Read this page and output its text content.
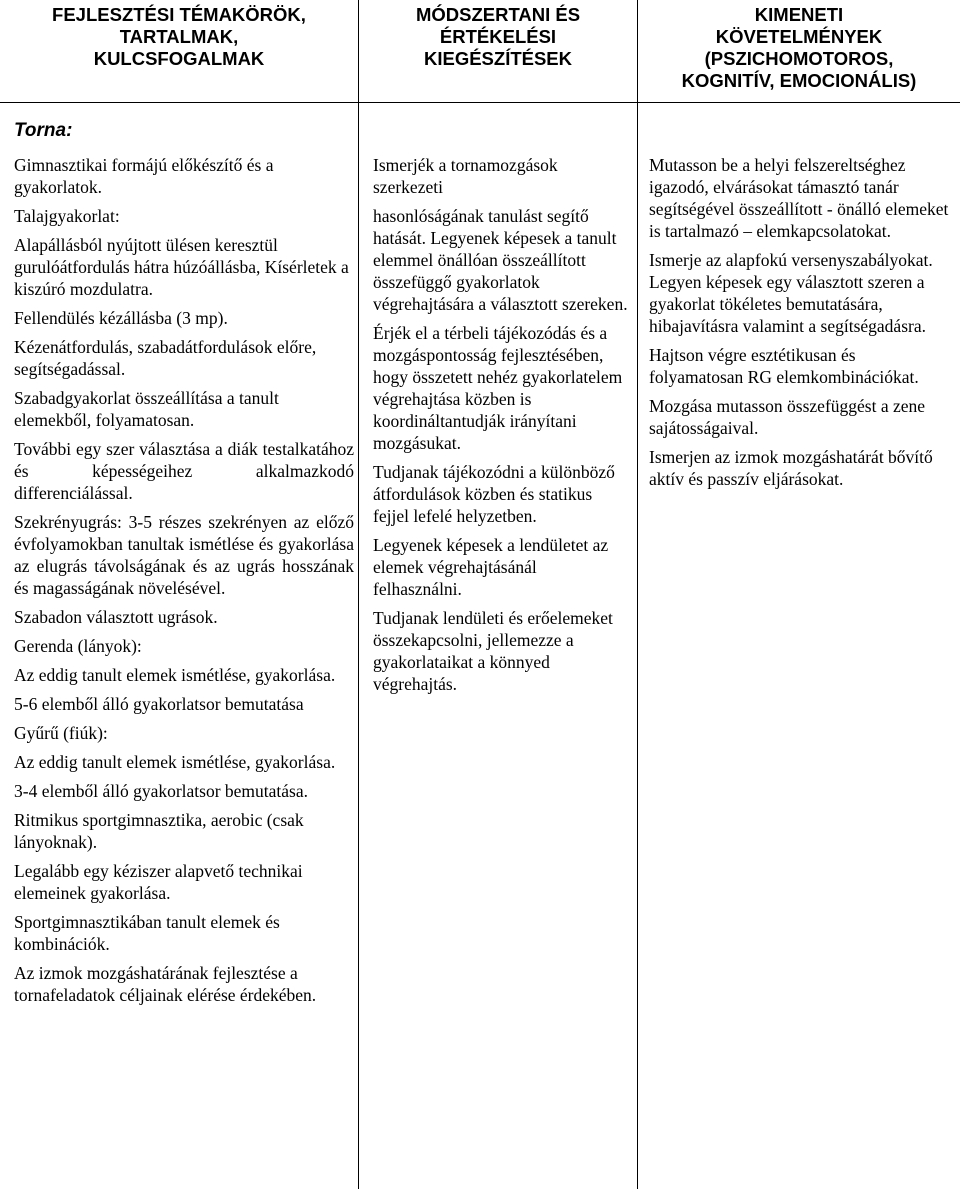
FEJLESZTÉSI TÉMAKÖRÖK,
TARTALMAK,
KULCSFOGALMAK
MÓDSZERTANI ÉS
ÉRTÉKELÉSI
KIEGÉSZÍTÉSEK
KIMENETI
KÖVETELMÉNYEK
(PSZICHOMOTOROS,
KOGNITÍV, EMOCIONÁLIS)
Torna:

Gimnasztikai formájú előkészítő és a gyakorlatok.

Talajgyakorlat:

Alapállásból nyújtott ülésen keresztül gurulóátfordulás hátra húzóállásba, Kísérletek a kiszúró mozdulatra.

Fellendülés kézállásba (3 mp).

Kézenátfordulás, szabadátfordulások előre, segítségadással.

Szabadgyakorlat összeállítása a tanult elemekből, folyamatosan.

További egy szer választása a diák testalkatához és képességeihez alkalmazkodó differenciálással.

Szekrényugrás: 3-5 részes szekrényen az előző évfolyamokban tanultak ismétlése és gyakorlása az elugrás távolságának és az ugrás hosszának és magasságának növelésével.

Szabadon választott ugrások.

Gerenda (lányok):

Az eddig tanult elemek ismétlése, gyakorlása.

5-6 elemből álló gyakorlatsor bemutatása

Gyűrű (fiúk):

Az eddig tanult elemek ismétlése, gyakorlása.

3-4 elemből álló gyakorlatsor bemutatása.

Ritmikus sportgimnasztika, aerobic (csak lányoknak).

Legalább egy kéziszer alapvető technikai elemeinek gyakorlása.

Sportgimnasztikában tanult elemek és kombinációk.

Az izmok mozgáshatárának fejlesztése a tornafeladatok céljainak elérése érdekében.

Ismerjék a tornamozgások szerkezeti

hasonlóságának tanulást segítő hatását. Legyenek képesek a tanult elemmel önállóan összeállított összefüggő gyakorlatok végrehajtására a választott szereken.

Érjék el a térbeli tájékozódás és a mozgáspontosság fejlesztésében, hogy összetett nehéz gyakorlatelem végrehajtása közben is koordináltantudják irányítani mozgásukat.

Tudjanak tájékozódni a különböző átfordulások közben és statikus fejjel lefelé helyzetben.

Legyenek képesek a lendületet az elemek végrehajtásánál felhasználni.

Tudjanak lendületi és erőelemeket összekapcsolni, jellemezze a gyakorlataikat a könnyed végrehajtás.

Mutasson be a helyi felszereltséghez igazodó, elvárásokat támasztó tanár segítségével összeállított - önálló elemeket is tartalmazó – elemkapcsolatokat.

Ismerje az alapfokú versenyszabályokat. Legyen képesek egy választott szeren a gyakorlat tökéletes bemutatására, hibajavításra valamint a segítségadásra.

Hajtson végre esztétikusan és folyamatosan RG elemkombinációkat.

Mozgása mutasson összefüggést a zene sajátosságaival.

Ismerjen az izmok mozgáshatárát bővítő aktív és passzív eljárásokat.
